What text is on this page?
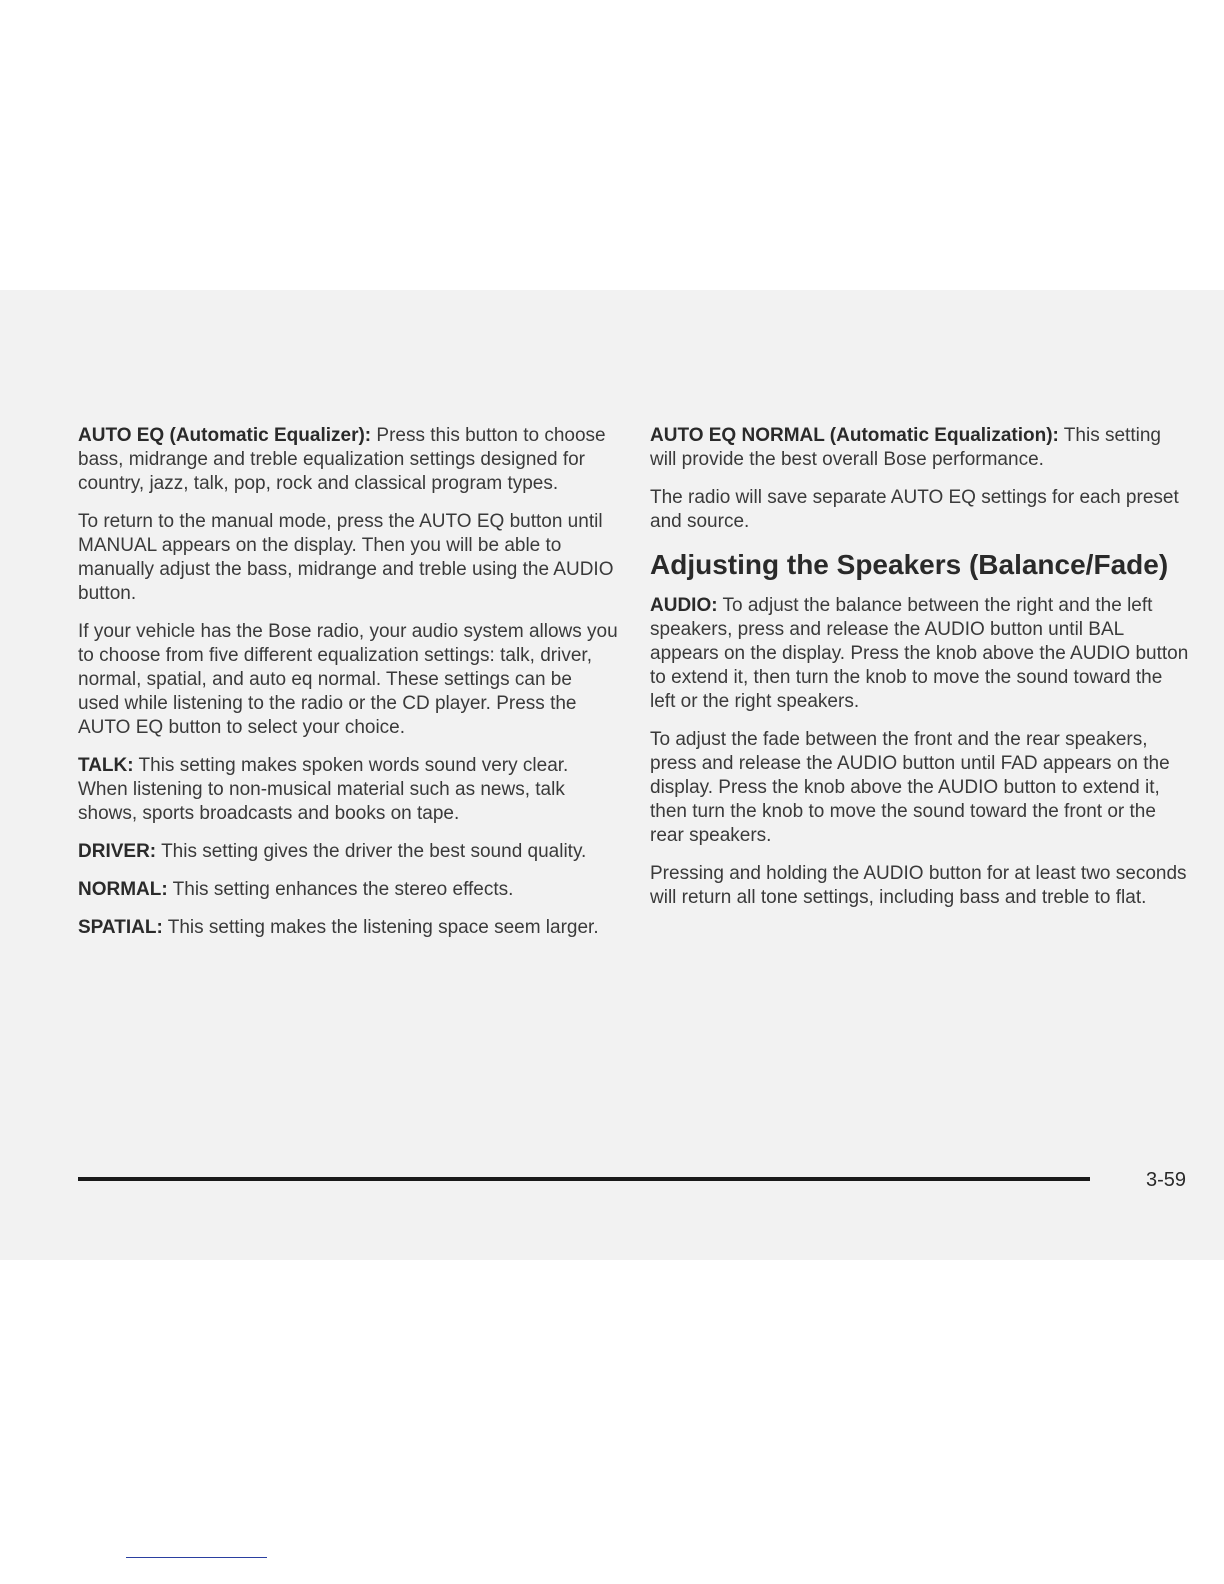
AUTO EQ (Automatic Equalizer): Press this button to choose bass, midrange and treble equalization settings designed for country, jazz, talk, pop, rock and classical program types.

To return to the manual mode, press the AUTO EQ button until MANUAL appears on the display. Then you will be able to manually adjust the bass, midrange and treble using the AUDIO button.

If your vehicle has the Bose radio, your audio system allows you to choose from five different equalization settings: talk, driver, normal, spatial, and auto eq normal. These settings can be used while listening to the radio or the CD player. Press the AUTO EQ button to select your choice.

TALK: This setting makes spoken words sound very clear. When listening to non-musical material such as news, talk shows, sports broadcasts and books on tape.

DRIVER: This setting gives the driver the best sound quality.

NORMAL: This setting enhances the stereo effects.

SPATIAL: This setting makes the listening space seem larger.

AUTO EQ NORMAL (Automatic Equalization): This setting will provide the best overall Bose performance.

The radio will save separate AUTO EQ settings for each preset and source.

Adjusting the Speakers (Balance/Fade)

AUDIO: To adjust the balance between the right and the left speakers, press and release the AUDIO button until BAL appears on the display. Press the knob above the AUDIO button to extend it, then turn the knob to move the sound toward the left or the right speakers.

To adjust the fade between the front and the rear speakers, press and release the AUDIO button until FAD appears on the display. Press the knob above the AUDIO button to extend it, then turn the knob to move the sound toward the front or the rear speakers.

Pressing and holding the AUDIO button for at least two seconds will return all tone settings, including bass and treble to flat.

3-59
